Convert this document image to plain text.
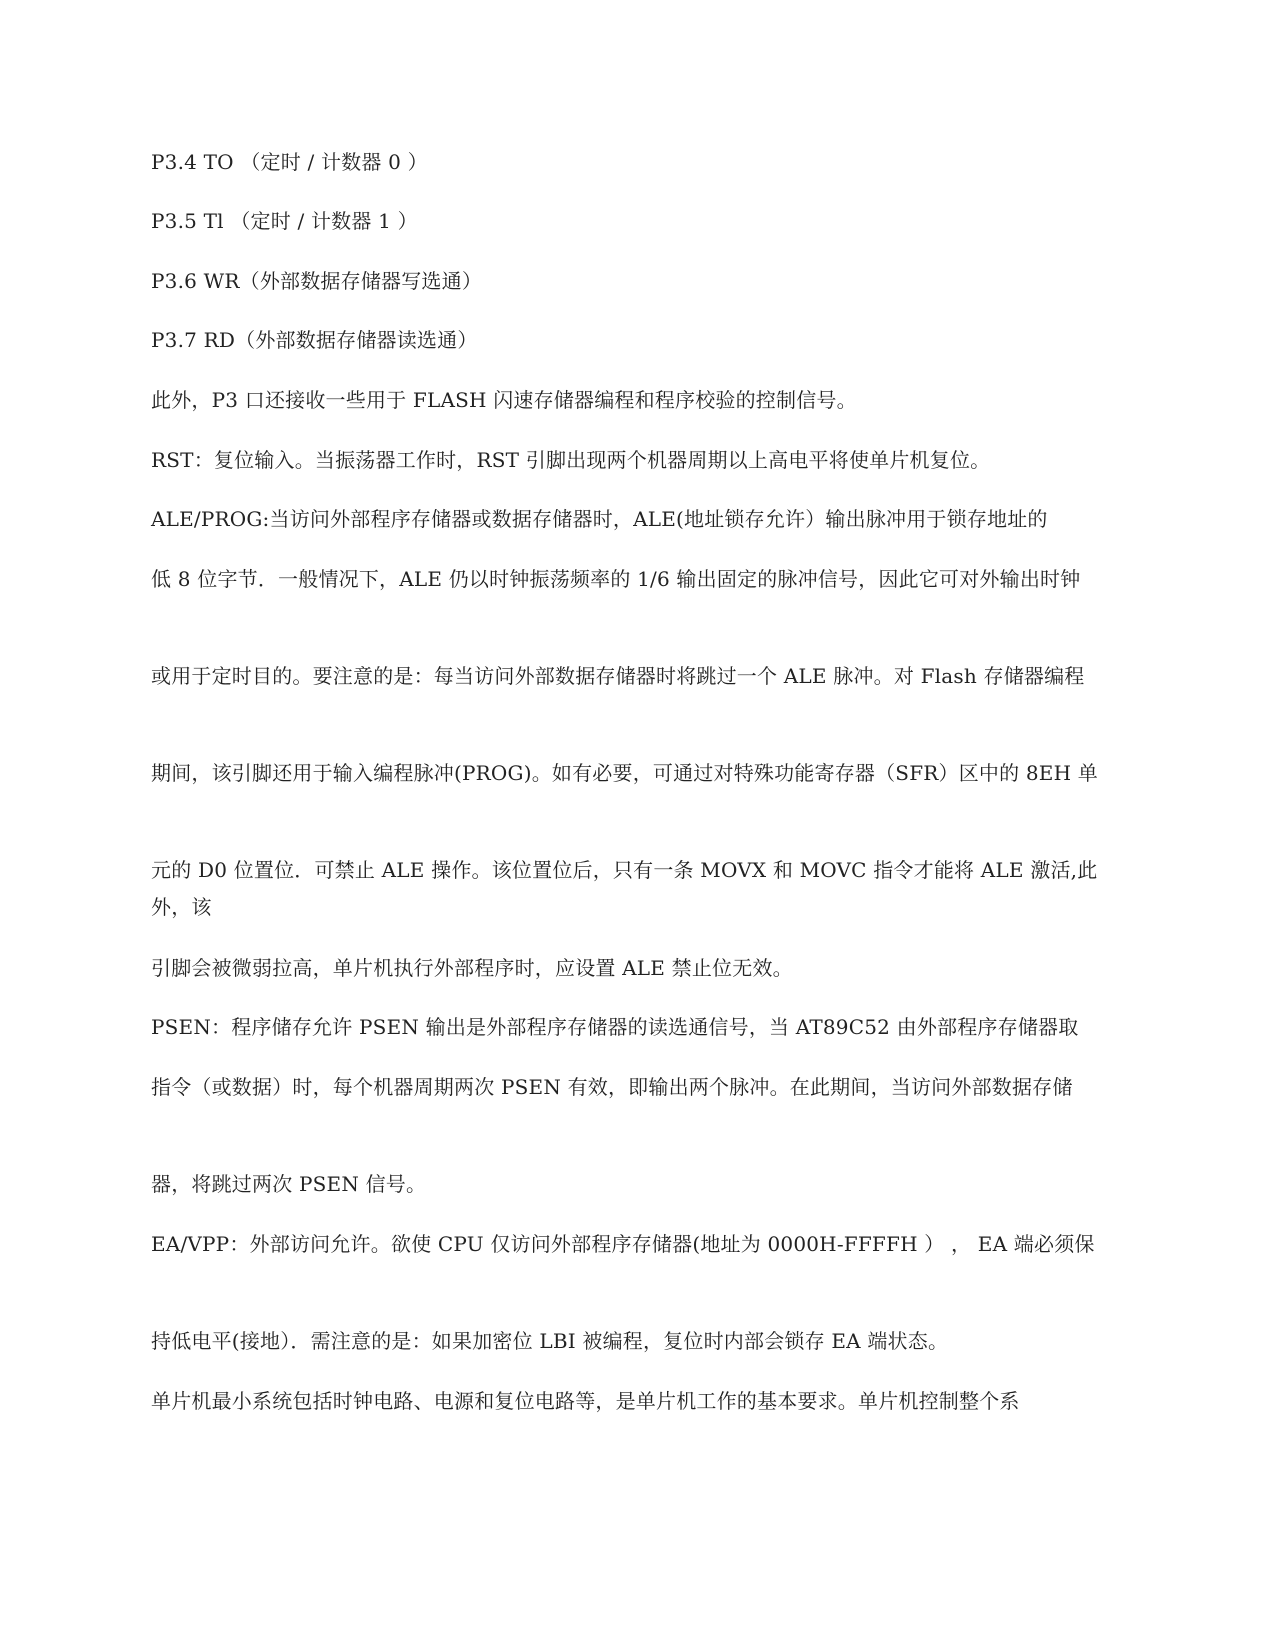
P3.4 TO （定时 / 计数器 0 ）

P3.5 Tl （定时 / 计数器 1 ）

P3.6 WR（外部数据存储器写选通）

P3.7 RD（外部数据存储器读选通）

此外，P3 口还接收一些用于 FLASH 闪速存储器编程和程序校验的控制信号。

RST：复位输入。当振荡器工作时，RST 引脚出现两个机器周期以上高电平将使单片机复位。

ALE/PROG:当访问外部程序存储器或数据存储器时，ALE(地址锁存允许）输出脉冲用于锁存地址的

低 8 位字节．一般情况下，ALE 仍以时钟振荡频率的 1/6 输出固定的脉冲信号，因此它可对外输出时钟

或用于定时目的。要注意的是：每当访问外部数据存储器时将跳过一个 ALE 脉冲。对 Flash 存储器编程

期间，该引脚还用于输入编程脉冲(PROG)。如有必要，可通过对特殊功能寄存器（SFR）区中的 8EH 单

元的 D0 位置位．可禁止 ALE 操作。该位置位后，只有一条 MOVX 和 MOVC 指令才能将 ALE 激活,此外，该

引脚会被微弱拉高，单片机执行外部程序时，应设置 ALE 禁止位无效。

PSEN：程序储存允许 PSEN 输出是外部程序存储器的读选通信号，当 AT89C52 由外部程序存储器取

指令（或数据）时，每个机器周期两次 PSEN 有效，即输出两个脉冲。在此期间，当访问外部数据存储

器，将跳过两次 PSEN 信号。

EA/VPP：外部访问允许。欲使 CPU 仅访问外部程序存储器(地址为 0000H-FFFFH ） ， EA 端必须保

持低电平(接地）．需注意的是：如果加密位 LBI 被编程，复位时内部会锁存 EA 端状态。

单片机最小系统包括时钟电路、电源和复位电路等，是单片机工作的基本要求。单片机控制整个系
